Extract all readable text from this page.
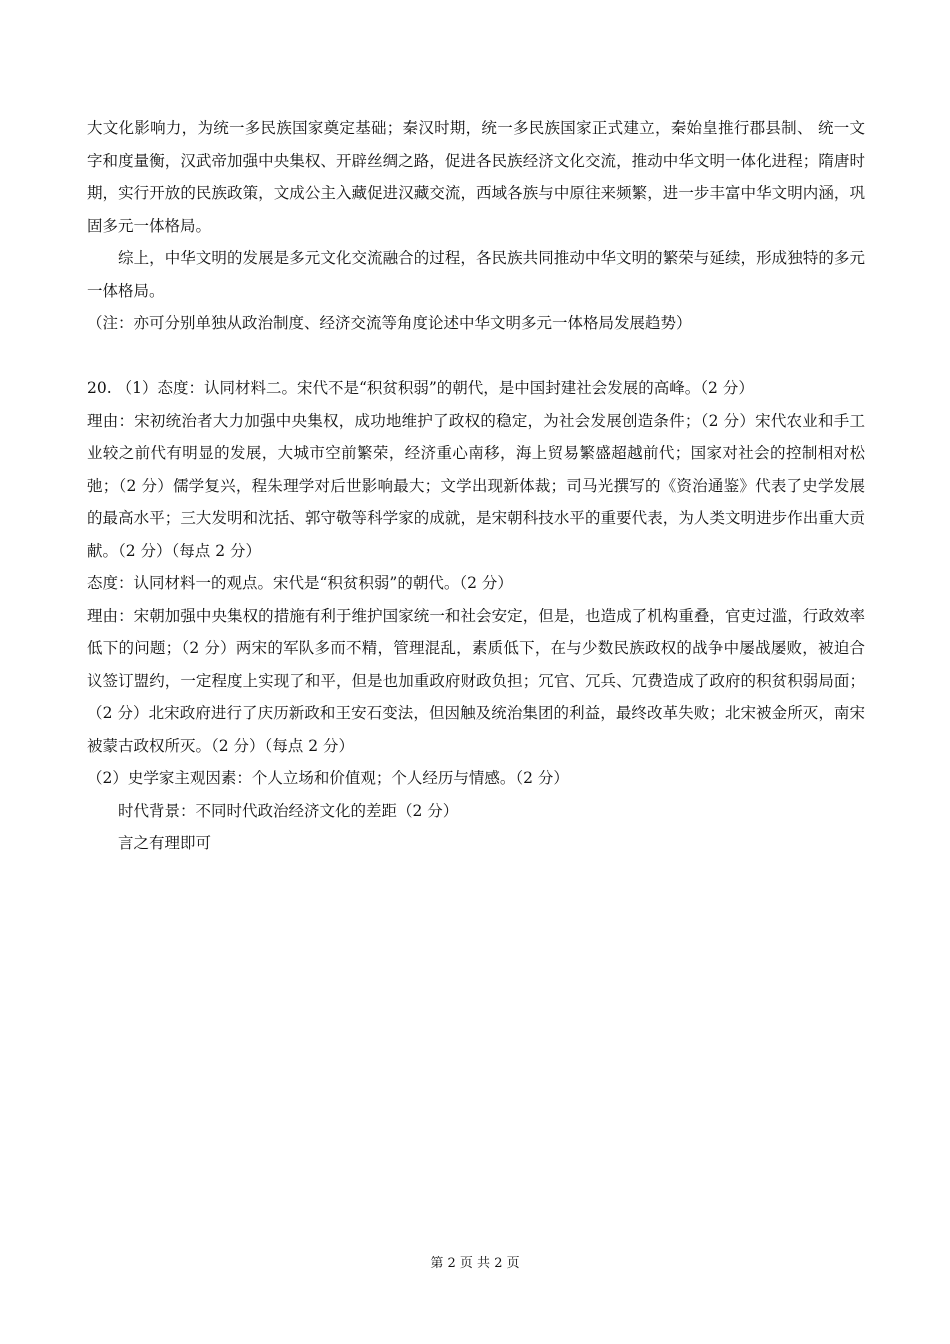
大文化影响力，为统一多民族国家奠定基础；秦汉时期，统一多民族国家正式建立，秦始皇推行郡县制、 统一文字和度量衡，汉武帝加强中央集权、开辟丝绸之路，促进各民族经济文化交流，推动中华文明一体化进程；隋唐时期，实行开放的民族政策，文成公主入藏促进汉藏交流，西域各族与中原往来频繁，进一步丰富中华文明内涵，巩固多元一体格局。

综上，中华文明的发展是多元文化交流融合的过程，各民族共同推动中华文明的繁荣与延续，形成独特的多元一体格局。

（注：亦可分别单独从政治制度、经济交流等角度论述中华文明多元一体格局发展趋势）

20. （1）态度：认同材料二。宋代不是“积贫积弱”的朝代，是中国封建社会发展的高峰。（2 分）

理由：宋初统治者大力加强中央集权，成功地维护了政权的稳定，为社会发展创造条件；（2 分）宋代农业和手工业较之前代有明显的发展，大城市空前繁荣，经济重心南移，海上贸易繁盛超越前代；国家对社会的控制相对松弛；（2 分）儒学复兴，程朱理学对后世影响最大；文学出现新体裁；司马光撰写的《资治通鉴》代表了史学发展的最高水平；三大发明和沈括、郭守敬等科学家的成就，是宋朝科技水平的重要代表，为人类文明进步作出重大贡献。（2 分）（每点 2 分）

态度：认同材料一的观点。宋代是“积贫积弱”的朝代。（2 分）

理由：宋朝加强中央集权的措施有利于维护国家统一和社会安定，但是，也造成了机构重叠，官吏过滥，行政效率低下的问题；（2 分）两宋的军队多而不精，管理混乱，素质低下，在与少数民族政权的战争中屡战屡败，被迫合议签订盟约，一定程度上实现了和平，但是也加重政府财政负担；冗官、冗兵、冗费造成了政府的积贫积弱局面；（2 分）北宋政府进行了庆历新政和王安石变法，但因触及统治集团的利益，最终改革失败；北宋被金所灭，南宋被蒙古政权所灭。（2 分）（每点 2 分）

（2）史学家主观因素：个人立场和价值观；个人经历与情感。（2 分）

时代背景：不同时代政治经济文化的差距（2 分）

言之有理即可

第 2 页 共 2 页
